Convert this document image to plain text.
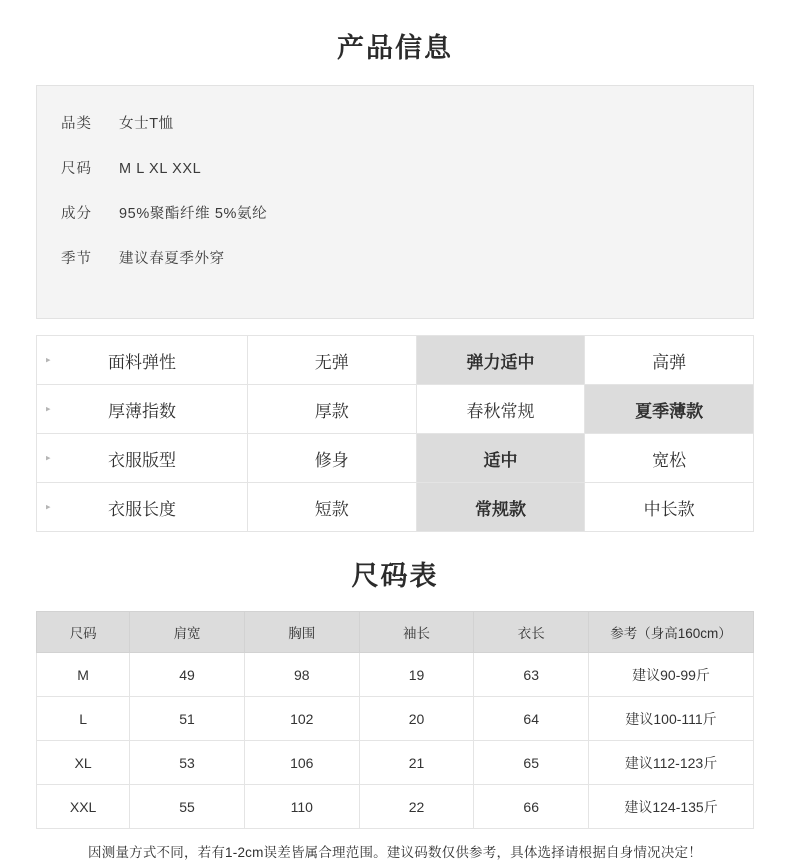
产品信息
品类	女士T恤
尺码	M L XL XXL
成分	95%聚酯纤维 5%氨纶
季节	建议春夏季外穿
▸ 面料弹性	无弹	弹力适中	高弹

▸ 厚薄指数	厚款	春秋常规	夏季薄款

▸ 衣服版型	修身	适中	宽松

▸ 衣服长度	短款	常规款	中长款
尺码表
尺码	肩宽	胸围	袖长	衣长	参考（身高160cm）
M	49	98	19	63	建议90-99斤
L	51	102	20	64	建议100-111斤
XL	53	106	21	65	建议112-123斤
XXL	55	110	22	66	建议124-135斤
因测量方式不同，若有1-2cm误差皆属合理范围。建议码数仅供参考，具体选择请根据自身情况决定！
